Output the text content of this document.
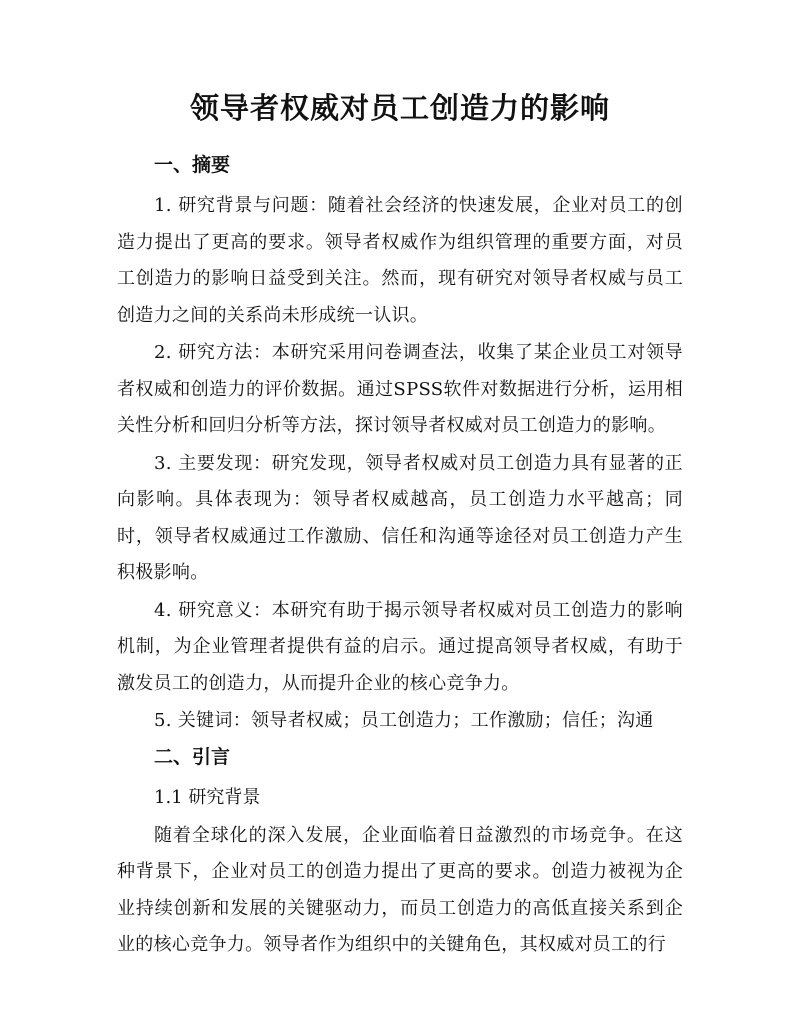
领导者权威对员工创造力的影响
一、摘要

1. 研究背景与问题：随着社会经济的快速发展，企业对员工的创造力提出了更高的要求。领导者权威作为组织管理的重要方面，对员工创造力的影响日益受到关注。然而，现有研究对领导者权威与员工创造力之间的关系尚未形成统一认识。

2. 研究方法：本研究采用问卷调查法，收集了某企业员工对领导者权威和创造力的评价数据。通过SPSS软件对数据进行分析，运用相关性分析和回归分析等方法，探讨领导者权威对员工创造力的影响。

3. 主要发现：研究发现，领导者权威对员工创造力具有显著的正向影响。具体表现为：领导者权威越高，员工创造力水平越高；同时，领导者权威通过工作激励、信任和沟通等途径对员工创造力产生积极影响。

4. 研究意义：本研究有助于揭示领导者权威对员工创造力的影响机制，为企业管理者提供有益的启示。通过提高领导者权威，有助于激发员工的创造力，从而提升企业的核心竞争力。

5. 关键词：领导者权威；员工创造力；工作激励；信任；沟通

二、引言
1.1 研究背景

随着全球化的深入发展，企业面临着日益激烈的市场竞争。在这种背景下，企业对员工的创造力提出了更高的要求。创造力被视为企业持续创新和发展的关键驱动力，而员工创造力的高低直接关系到企业的核心竞争力。领导者作为组织中的关键角色，其权威对员工的行
